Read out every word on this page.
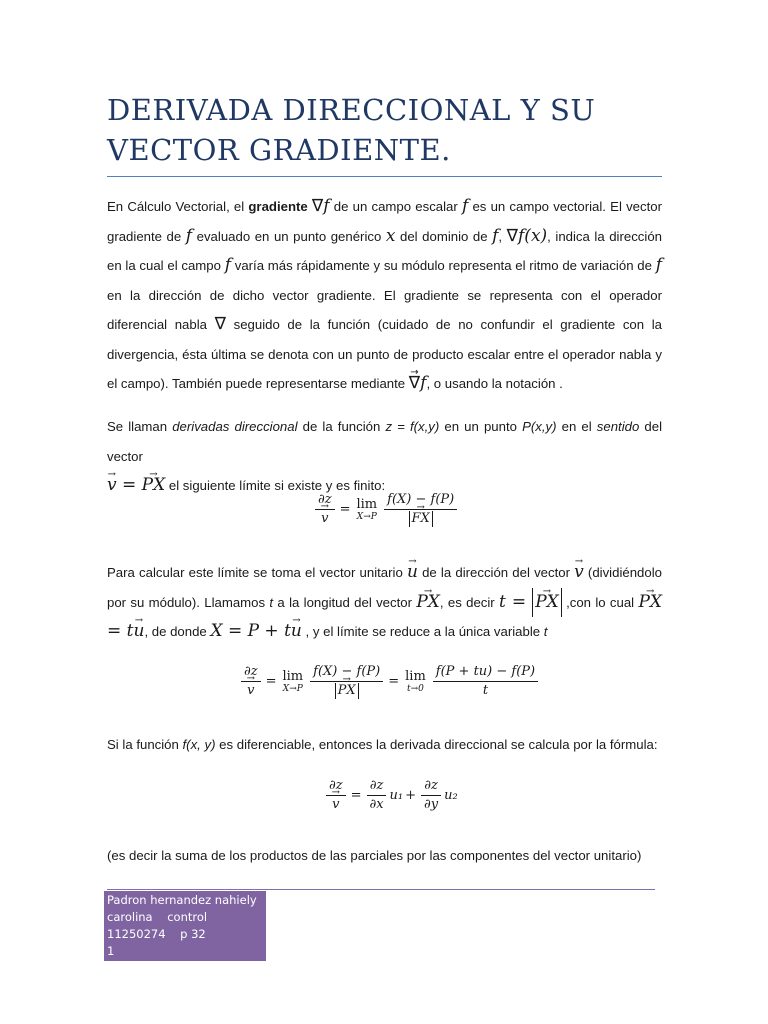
DERIVADA DIRECCIONAL Y SU
VECTOR GRADIENTE.
En Cálculo Vectorial, el gradiente ∇f de un campo escalar f es un campo vectorial. El vector gradiente de f evaluado en un punto genérico x del dominio de f, ∇f(x), indica la dirección en la cual el campo f varía más rápidamente y su módulo representa el ritmo de variación de f en la dirección de dicho vector gradiente. El gradiente se representa con el operador diferencial nabla ∇ seguido de la función (cuidado de no confundir el gradiente con la divergencia, ésta última se denota con un punto de producto escalar entre el operador nabla y el campo). También puede representarse mediante → ∇f, o usando la notación .
Se llaman derivadas direccional de la función z = f(x,y) en un punto P(x,y) en el sentido del vector
→ v = → PX el siguiente límite si existe y es finito:
∂z
→ v = lim
X→P f(X) − f(P)
→ FX
Para calcular este límite se toma el vector unitario → u de la dirección del vector → v (dividiéndolo por su módulo). Llamamos t a la longitud del vector → PX, es decir t = → PX ,con lo cual → PX = t→ u, de donde X = P + t→ u , y el límite se reduce a la única variable t
∂z
→ v = lim
X→P f(X) − f(P)
→ PX = lim
$t\to 0 \frac{f(P + tu) - f(P)}{t}$
Si la función f(x, y) es diferenciable, entonces la derivada direccional se calcula por la fórmula:
∂z
→ $v = \frac{\partial z}{\partial x} u_1 + \frac{\partial z}{\partial y} u_2$
(es decir la suma de los productos de las parciales por las componentes del vector unitario)
Padron hernandez nahiely
carolina    control
11250274    p 32
1
